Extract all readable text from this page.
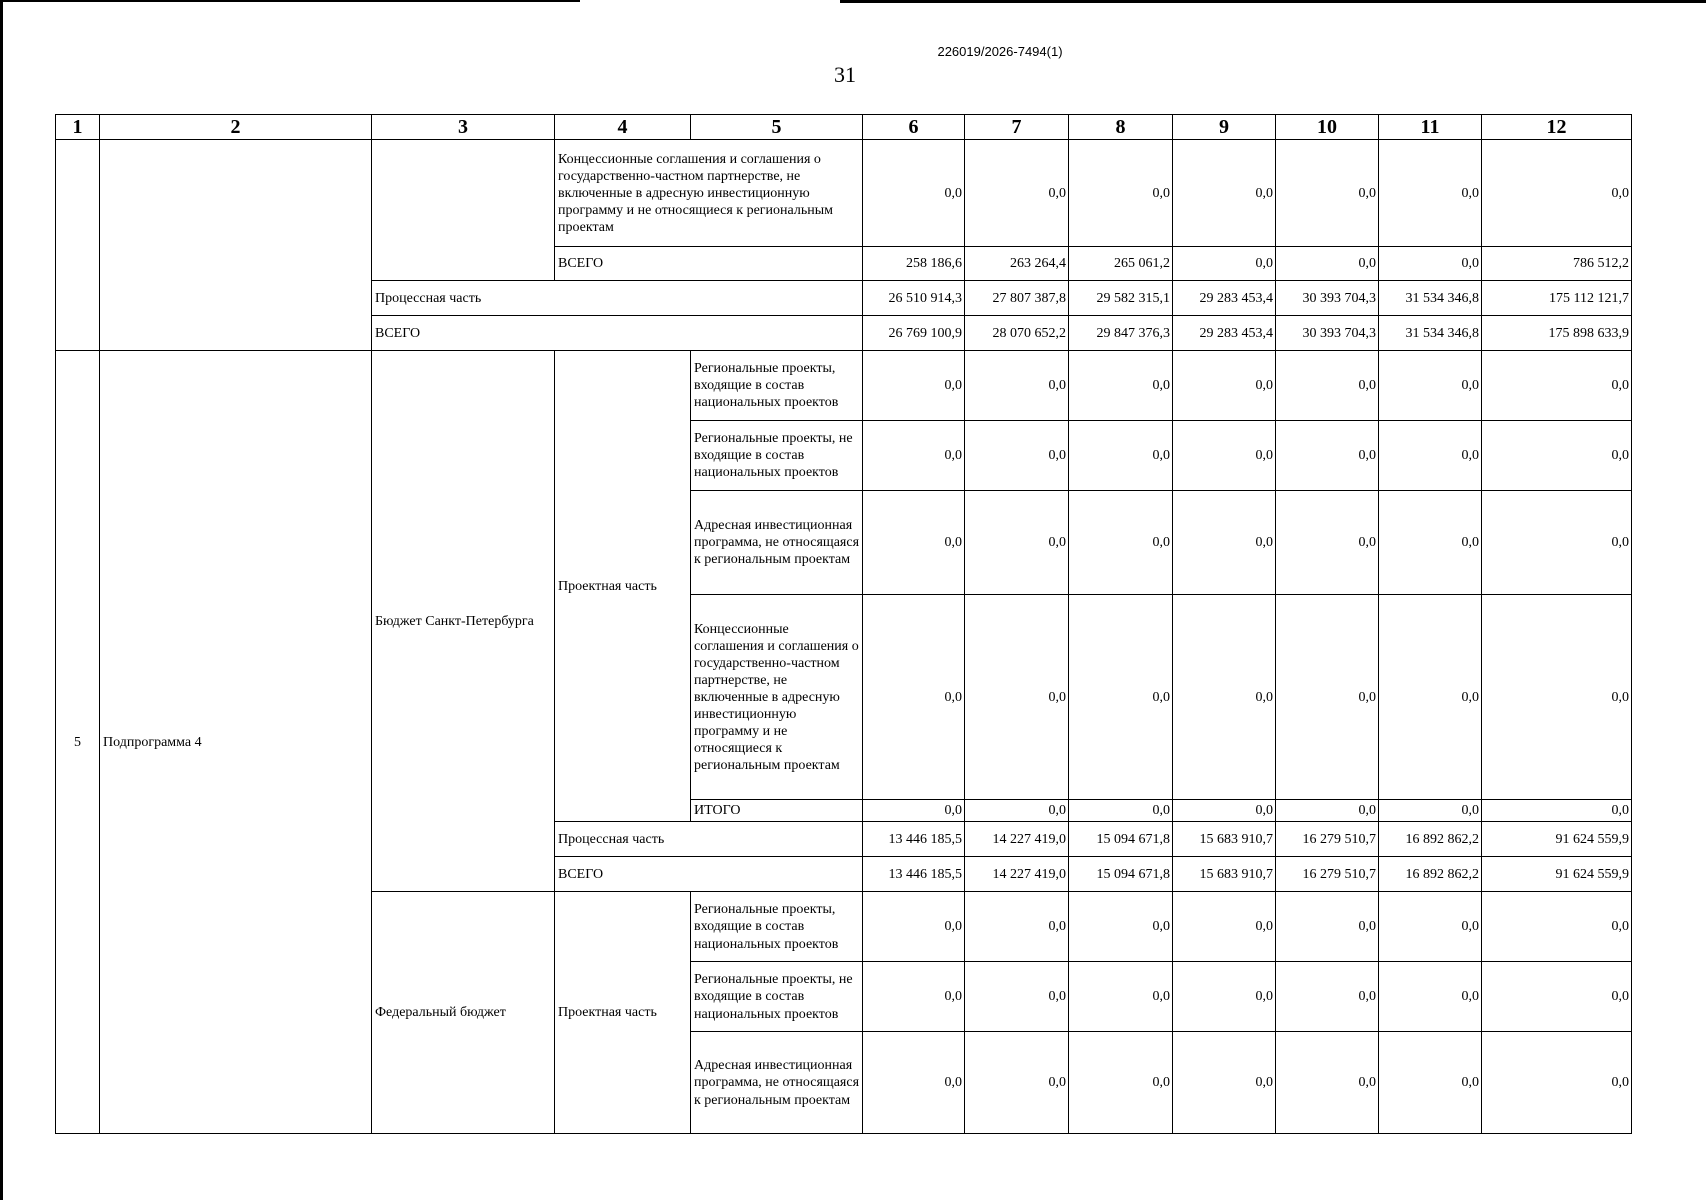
226019/2026-7494(1)
31
1	2	3	4	5	6	7	8	9	10	11	12
			Концессионные соглашения и соглашения о государственно-частном партнерстве, не включенные в адресную инвестиционную программу и не относящиеся к региональным проектам		0,0	0,0	0,0	0,0	0,0	0,0	0,0
			ВСЕГО		258 186,6	263 264,4	265 061,2	0,0	0,0	0,0	786 512,2
		Процессная часть			26 510 914,3	27 807 387,8	29 582 315,1	29 283 453,4	30 393 704,3	31 534 346,8	175 112 121,7
		ВСЕГО			26 769 100,9	28 070 652,2	29 847 376,3	29 283 453,4	30 393 704,3	31 534 346,8	175 898 633,9
5	Подпрограмма 4	Бюджет Санкт-Петербурга	Проектная часть	Региональные проекты, входящие в состав национальных проектов	0,0	0,0	0,0	0,0	0,0	0,0	0,0
				Региональные проекты, не входящие в состав национальных проектов	0,0	0,0	0,0	0,0	0,0	0,0	0,0
				Адресная инвестиционная программа, не относящаяся к региональным проектам	0,0	0,0	0,0	0,0	0,0	0,0	0,0
				Концессионные соглашения и соглашения о государственно-частном партнерстве, не включенные в адресную инвестиционную программу и не относящиеся к региональным проектам	0,0	0,0	0,0	0,0	0,0	0,0	0,0
				ИТОГО	0,0	0,0	0,0	0,0	0,0	0,0	0,0
			Процессная часть		13 446 185,5	14 227 419,0	15 094 671,8	15 683 910,7	16 279 510,7	16 892 862,2	91 624 559,9
			ВСЕГО		13 446 185,5	14 227 419,0	15 094 671,8	15 683 910,7	16 279 510,7	16 892 862,2	91 624 559,9
		Федеральный бюджет	Проектная часть	Региональные проекты, входящие в состав национальных проектов	0,0	0,0	0,0	0,0	0,0	0,0	0,0
				Региональные проекты, не входящие в состав национальных проектов	0,0	0,0	0,0	0,0	0,0	0,0	0,0
				Адресная инвестиционная программа, не относящаяся к региональным проектам	0,0	0,0	0,0	0,0	0,0	0,0	0,0
